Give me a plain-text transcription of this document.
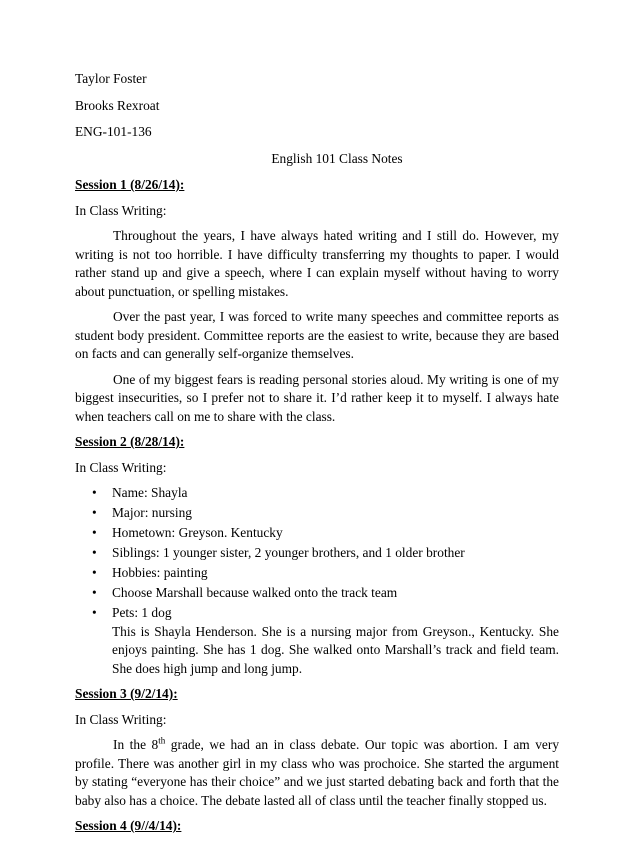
Taylor Foster

Brooks Rexroat

ENG-101-136

English 101 Class Notes

Session 1 (8/26/14):

In Class Writing:

Throughout the years, I have always hated writing and I still do. However, my writing is not too horrible. I have difficulty transferring my thoughts to paper. I would rather stand up and give a speech, where I can explain myself without having to worry about punctuation, or spelling mistakes.

Over the past year, I was forced to write many speeches and committee reports as student body president. Committee reports are the easiest to write, because they are based on facts and can generally self-organize themselves.

One of my biggest fears is reading personal stories aloud. My writing is one of my biggest insecurities, so I prefer not to share it. I’d rather keep it to myself. I always hate when teachers call on me to share with the class.

Session 2 (8/28/14):

In Class Writing:

• Name: Shayla
• Major: nursing
• Hometown: Greyson. Kentucky
• Siblings: 1 younger sister, 2 younger brothers, and 1 older brother
• Hobbies: painting
• Choose Marshall because walked onto the track team
• Pets: 1 dog

This is Shayla Henderson. She is a nursing major from Greyson., Kentucky. She enjoys painting. She has 1 dog. She walked onto Marshall’s track and field team. She does high jump and long jump.

Session 3 (9/2/14):

In Class Writing:

In the 8th grade, we had an in class debate. Our topic was abortion. I am very profile. There was another girl in my class who was prochoice. She started the argument by stating “everyone has their choice” and we just started debating back and forth that the baby also has a choice. The debate lasted all of class until the teacher finally stopped us.

Session 4 (9//4/14):
